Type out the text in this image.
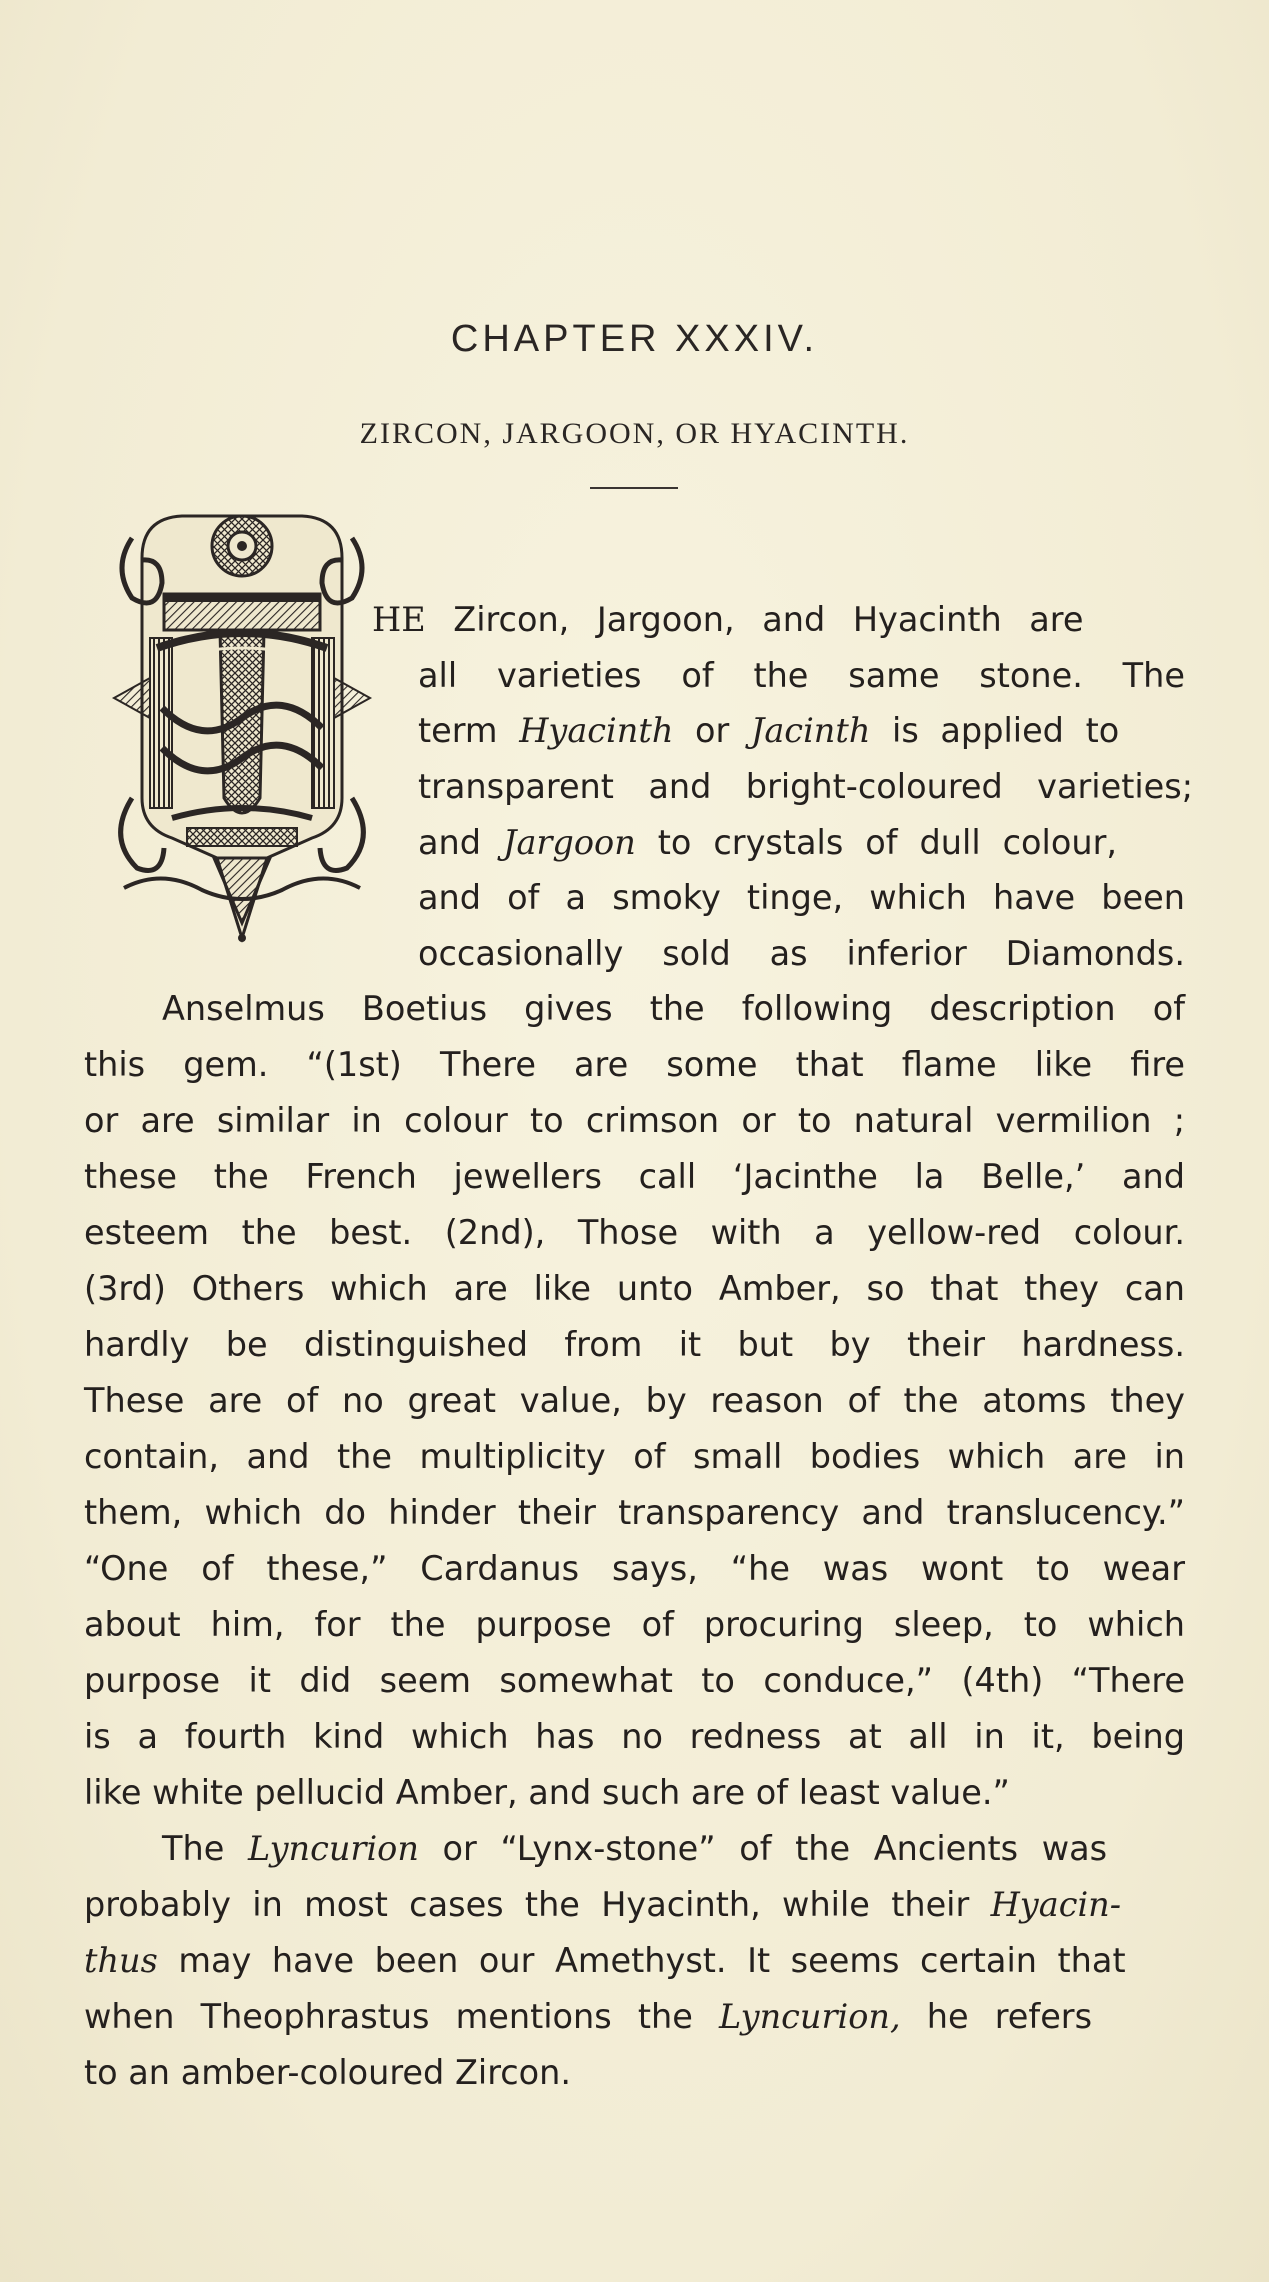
CHAPTER XXXIV.
ZIRCON, JARGOON, OR HYACINTH.
HE Zircon, Jargoon, and Hyacinth are
all varieties of the same stone. The
term Hyacinth or Jacinth is applied to
transparent and bright-coloured varieties;
and Jargoon to crystals of dull colour,
and of a smoky tinge, which have been
occasionally sold as inferior Diamonds.
Anselmus Boetius gives the following description of
this gem. “(1st) There are some that flame like fire
or are similar in colour to crimson or to natural vermilion ;
these the French jewellers call ‘Jacinthe la Belle,’ and
esteem the best. (2nd), Those with a yellow-red colour.
(3rd) Others which are like unto Amber, so that they can
hardly be distinguished from it but by their hardness.
These are of no great value, by reason of the atoms they
contain, and the multiplicity of small bodies which are in
them, which do hinder their transparency and translucency.”
“One of these,” Cardanus says, “he was wont to wear
about him, for the purpose of procuring sleep, to which
purpose it did seem somewhat to conduce,” (4th) “There
is a fourth kind which has no redness at all in it, being
like white pellucid Amber, and such are of least value.”
The Lyncurion or “Lynx-stone” of the Ancients was
probably in most cases the Hyacinth, while their Hyacin-
thus may have been our Amethyst. It seems certain that
when Theophrastus mentions the Lyncurion, he refers
to an amber-coloured Zircon.
